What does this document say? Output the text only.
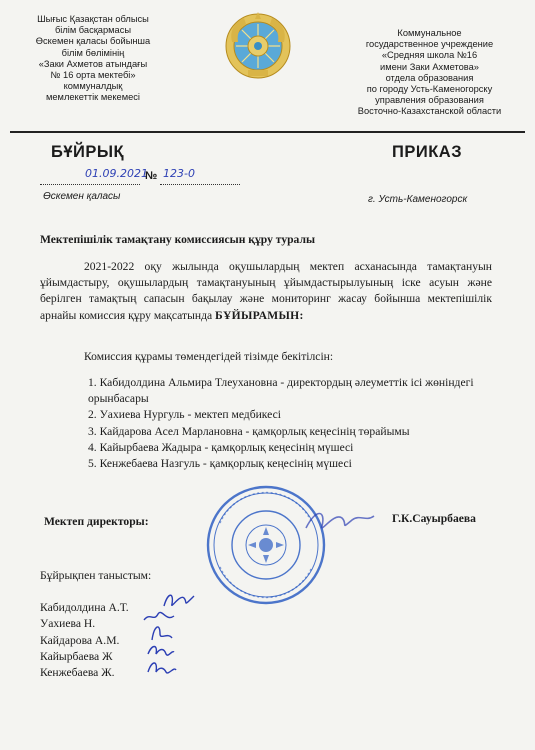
Шығыс Қазақстан облысы
білім басқармасы
Өскемен қаласы бойынша
білім бөлімінің
«Заки Ахметов атындағы
№ 16 орта мектебі»
коммуналдық
мемлекеттік мекемесі
Коммунальное
государственное учреждение
«Средняя школа №16
имени Заки Ахметова»
отдела образования
по городу Усть-Каменогорску
управления образования
Восточно-Казахстанской области
БҰЙРЫҚ	ПРИКАЗ
01.09.2021
№ 123-0
Өскемен қаласы	г. Усть-Каменогорск
Мектепішілік тамақтану комиссиясын құру туралы
2021-2022 оқу жылында оқушылардың мектеп асханасында тамақтануын ұйымдастыру, оқушылардың тамақтануының ұйымдастырылуының іске асуын және берілген тамақтың сапасын бақылау және мониторинг жасау бойынша мектепішілік арнайы комиссия құру мақсатында БҰЙЫРАМЫН:
Комиссия құрамы төмендегідей тізімде бекітілсін:
1. Кабидолдина Альмира Тлеухановна - директордың әлеуметтік ісі жөніндегі орынбасары
2. Уахиева Нургуль - мектеп медбикесі
3. Кайдарова Асел Марлановна - қамқорлық кеңесінің төрайымы
4. Кайырбаева Жадыра - қамқорлық кеңесінің мүшесі
5. Кенжебаева Назгуль - қамқорлық кеңесінің мүшесі
Мектеп директоры:	Г.К.Сауырбаева
Бұйрықпен таныстым:
Кабидолдина А.Т.
Уахиева Н.
Кайдарова А.М.
Кайырбаева Ж
Кенжебаева Ж.
